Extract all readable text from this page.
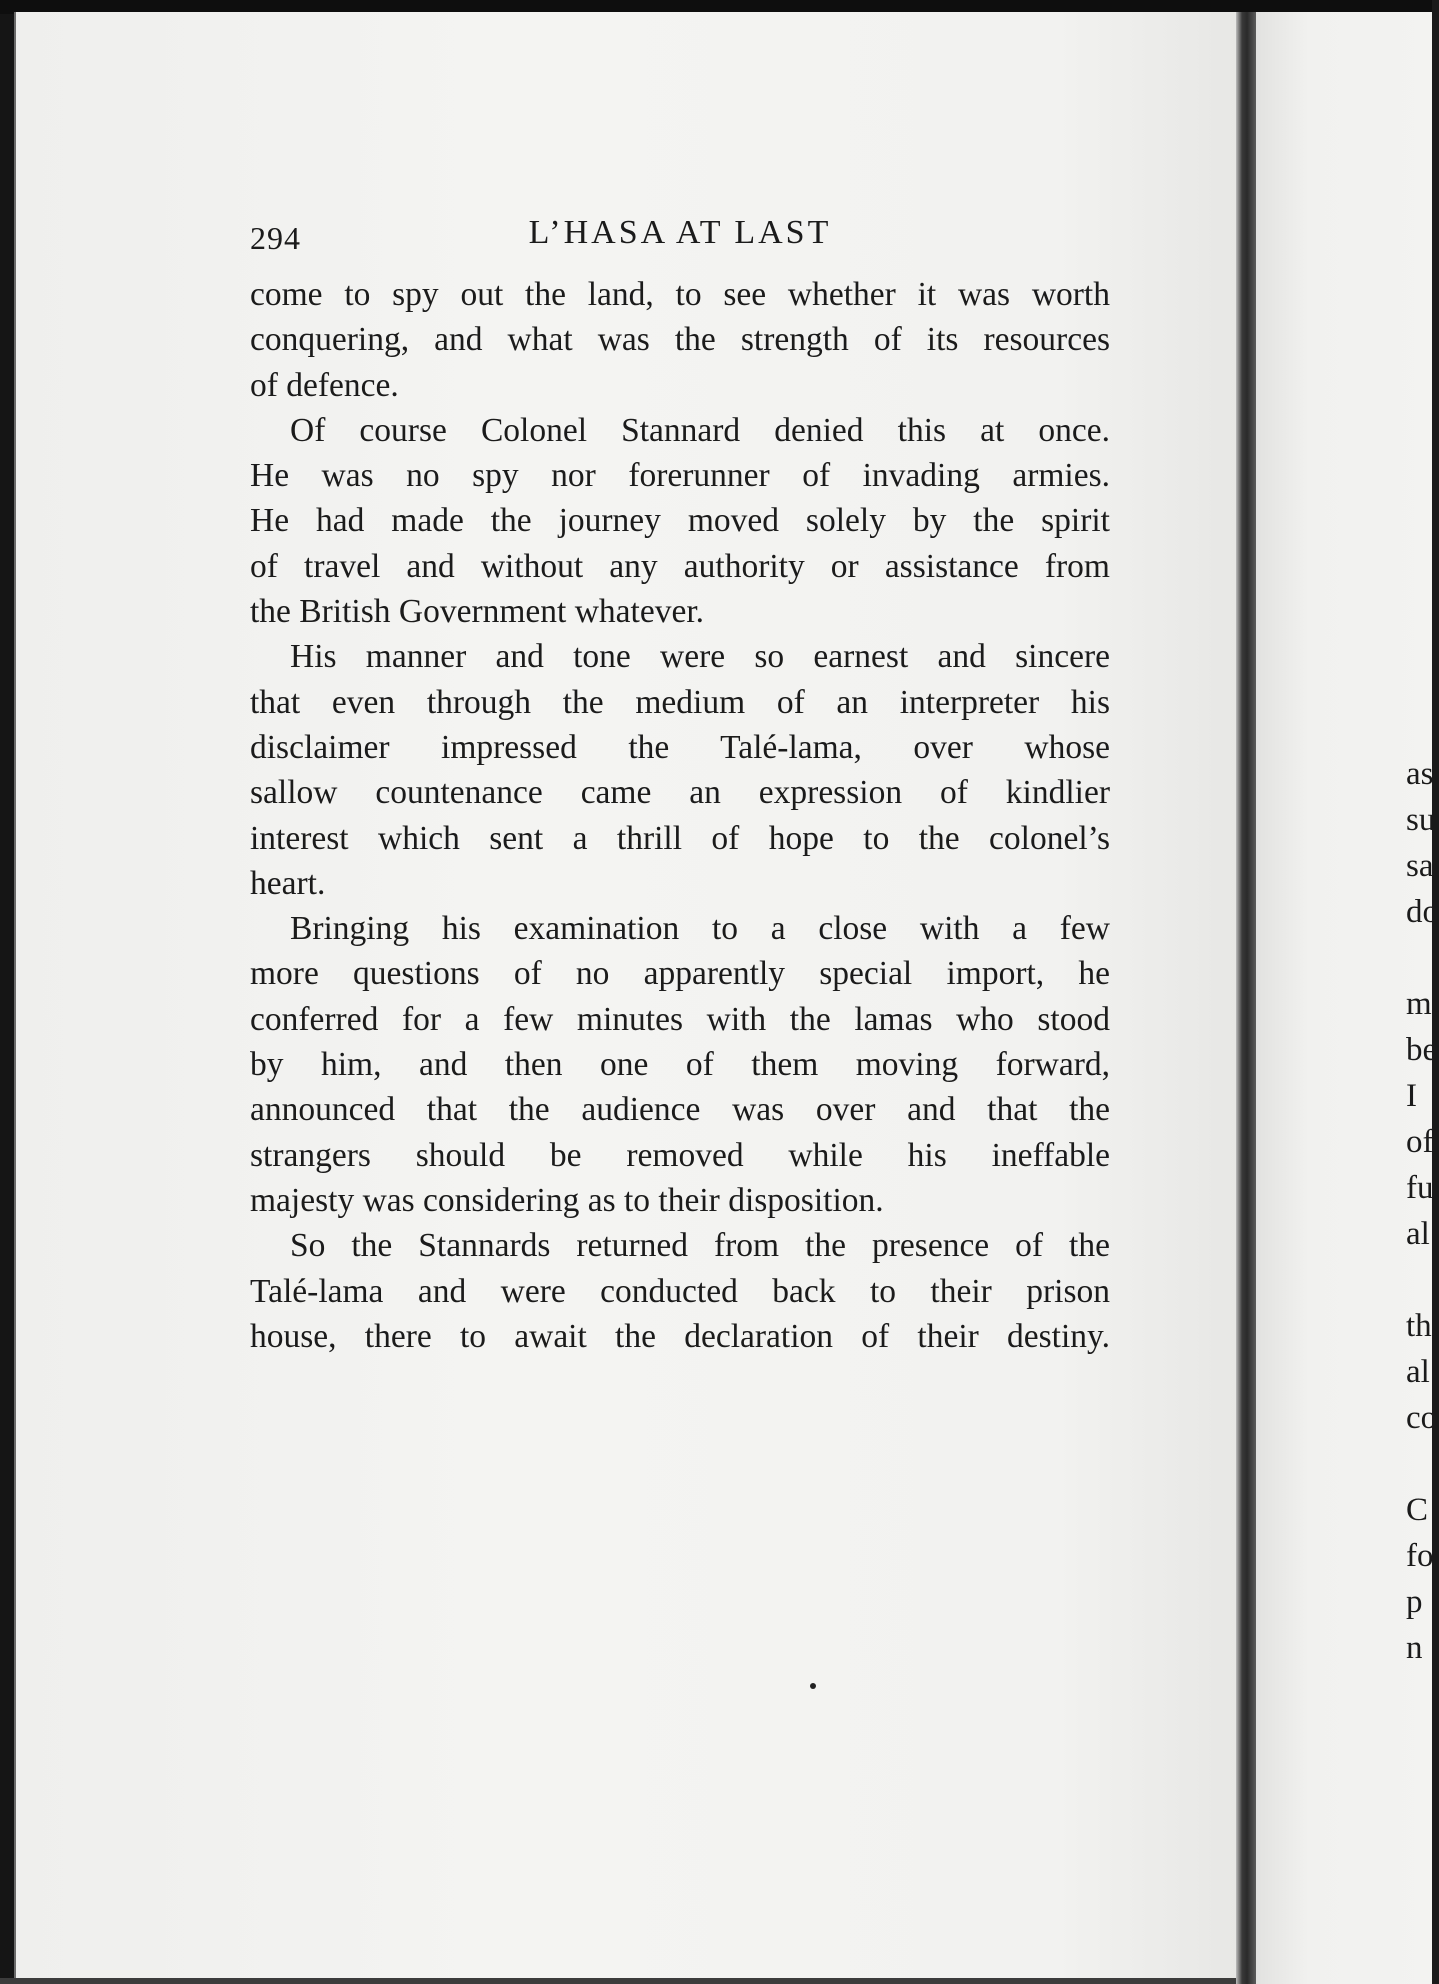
294	L’HASA AT LAST

come to spy out the land, to see whether it was worth
conquering, and what was the strength of its resources
of defence.

Of course Colonel Stannard denied this at once.
He was no spy nor forerunner of invading armies.
He had made the journey moved solely by the spirit
of travel and without any authority or assistance from
the British Government whatever.

His manner and tone were so earnest and sincere
that even through the medium of an interpreter his
disclaimer impressed the Talé-lama, over whose
sallow countenance came an expression of kindlier
interest which sent a thrill of hope to the colonel’s
heart.

Bringing his examination to a close with a few
more questions of no apparently special import, he
conferred for a few minutes with the lamas who stood
by him, and then one of them moving forward,
announced that the audience was over and that the
strangers should be removed while his ineffable
majesty was considering as to their disposition.

So the Stannards returned from the presence of the
Talé-lama and were conducted back to their prison
house, there to await the declaration of their destiny.

as
su
sa
do
m
be
I
of
fu
al
th
al
co
C
fo
p
n
